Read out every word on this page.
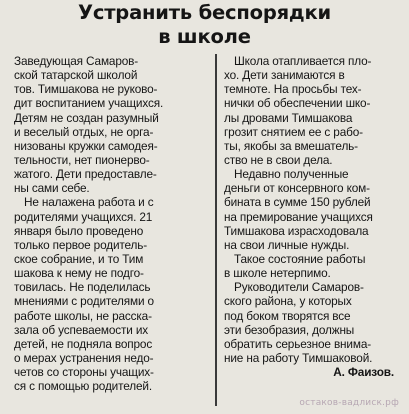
Устранить беспорядки
в школе
Заведующая Самаров-
ской татарской школой
тов. Тимшакова не руково-
дит воспитанием учащихся.
Детям не создан разумный
и веселый отдых, не орга-
низованы кружки самодея-
тельности, нет пионерво-
жатого. Дети предоставле-
ны сами себе.
Не налажена работа и с
родителями учащихся. 21
января было проведено
только первое родитель-
ское собрание, и то Тим
шакова к нему не подго-
товилась. Не поделилась
мнениями с родителями о
работе школы, не расска-
зала об успеваемости их
детей, не подняла вопрос
о мерах устранения недо-
четов со стороны учащих-
ся с помощью родителей.
Школа отапливается пло-
хо. Дети занимаются в
темноте. На просьбы тех-
нички об обеспечении шко-
лы дровами Тимшакова
грозит снятием ее с рабо-
ты, якобы за вмешатель-
ство не в свои дела.
Недавно полученные
деньги от консервного ком-
бината в сумме 150 рублей
на премирование учащихся
Тимшакова израсходовала
на свои личные нужды.
Такое состояние работы
в школе нетерпимо.
Руководители Самаров-
ского района, у которых
под боком творятся все
эти безобразия, должны
обратить серьезное внима-
ние на работу Тимшаковой.
А. Фаизов.
остаков-вадлиск.рф
